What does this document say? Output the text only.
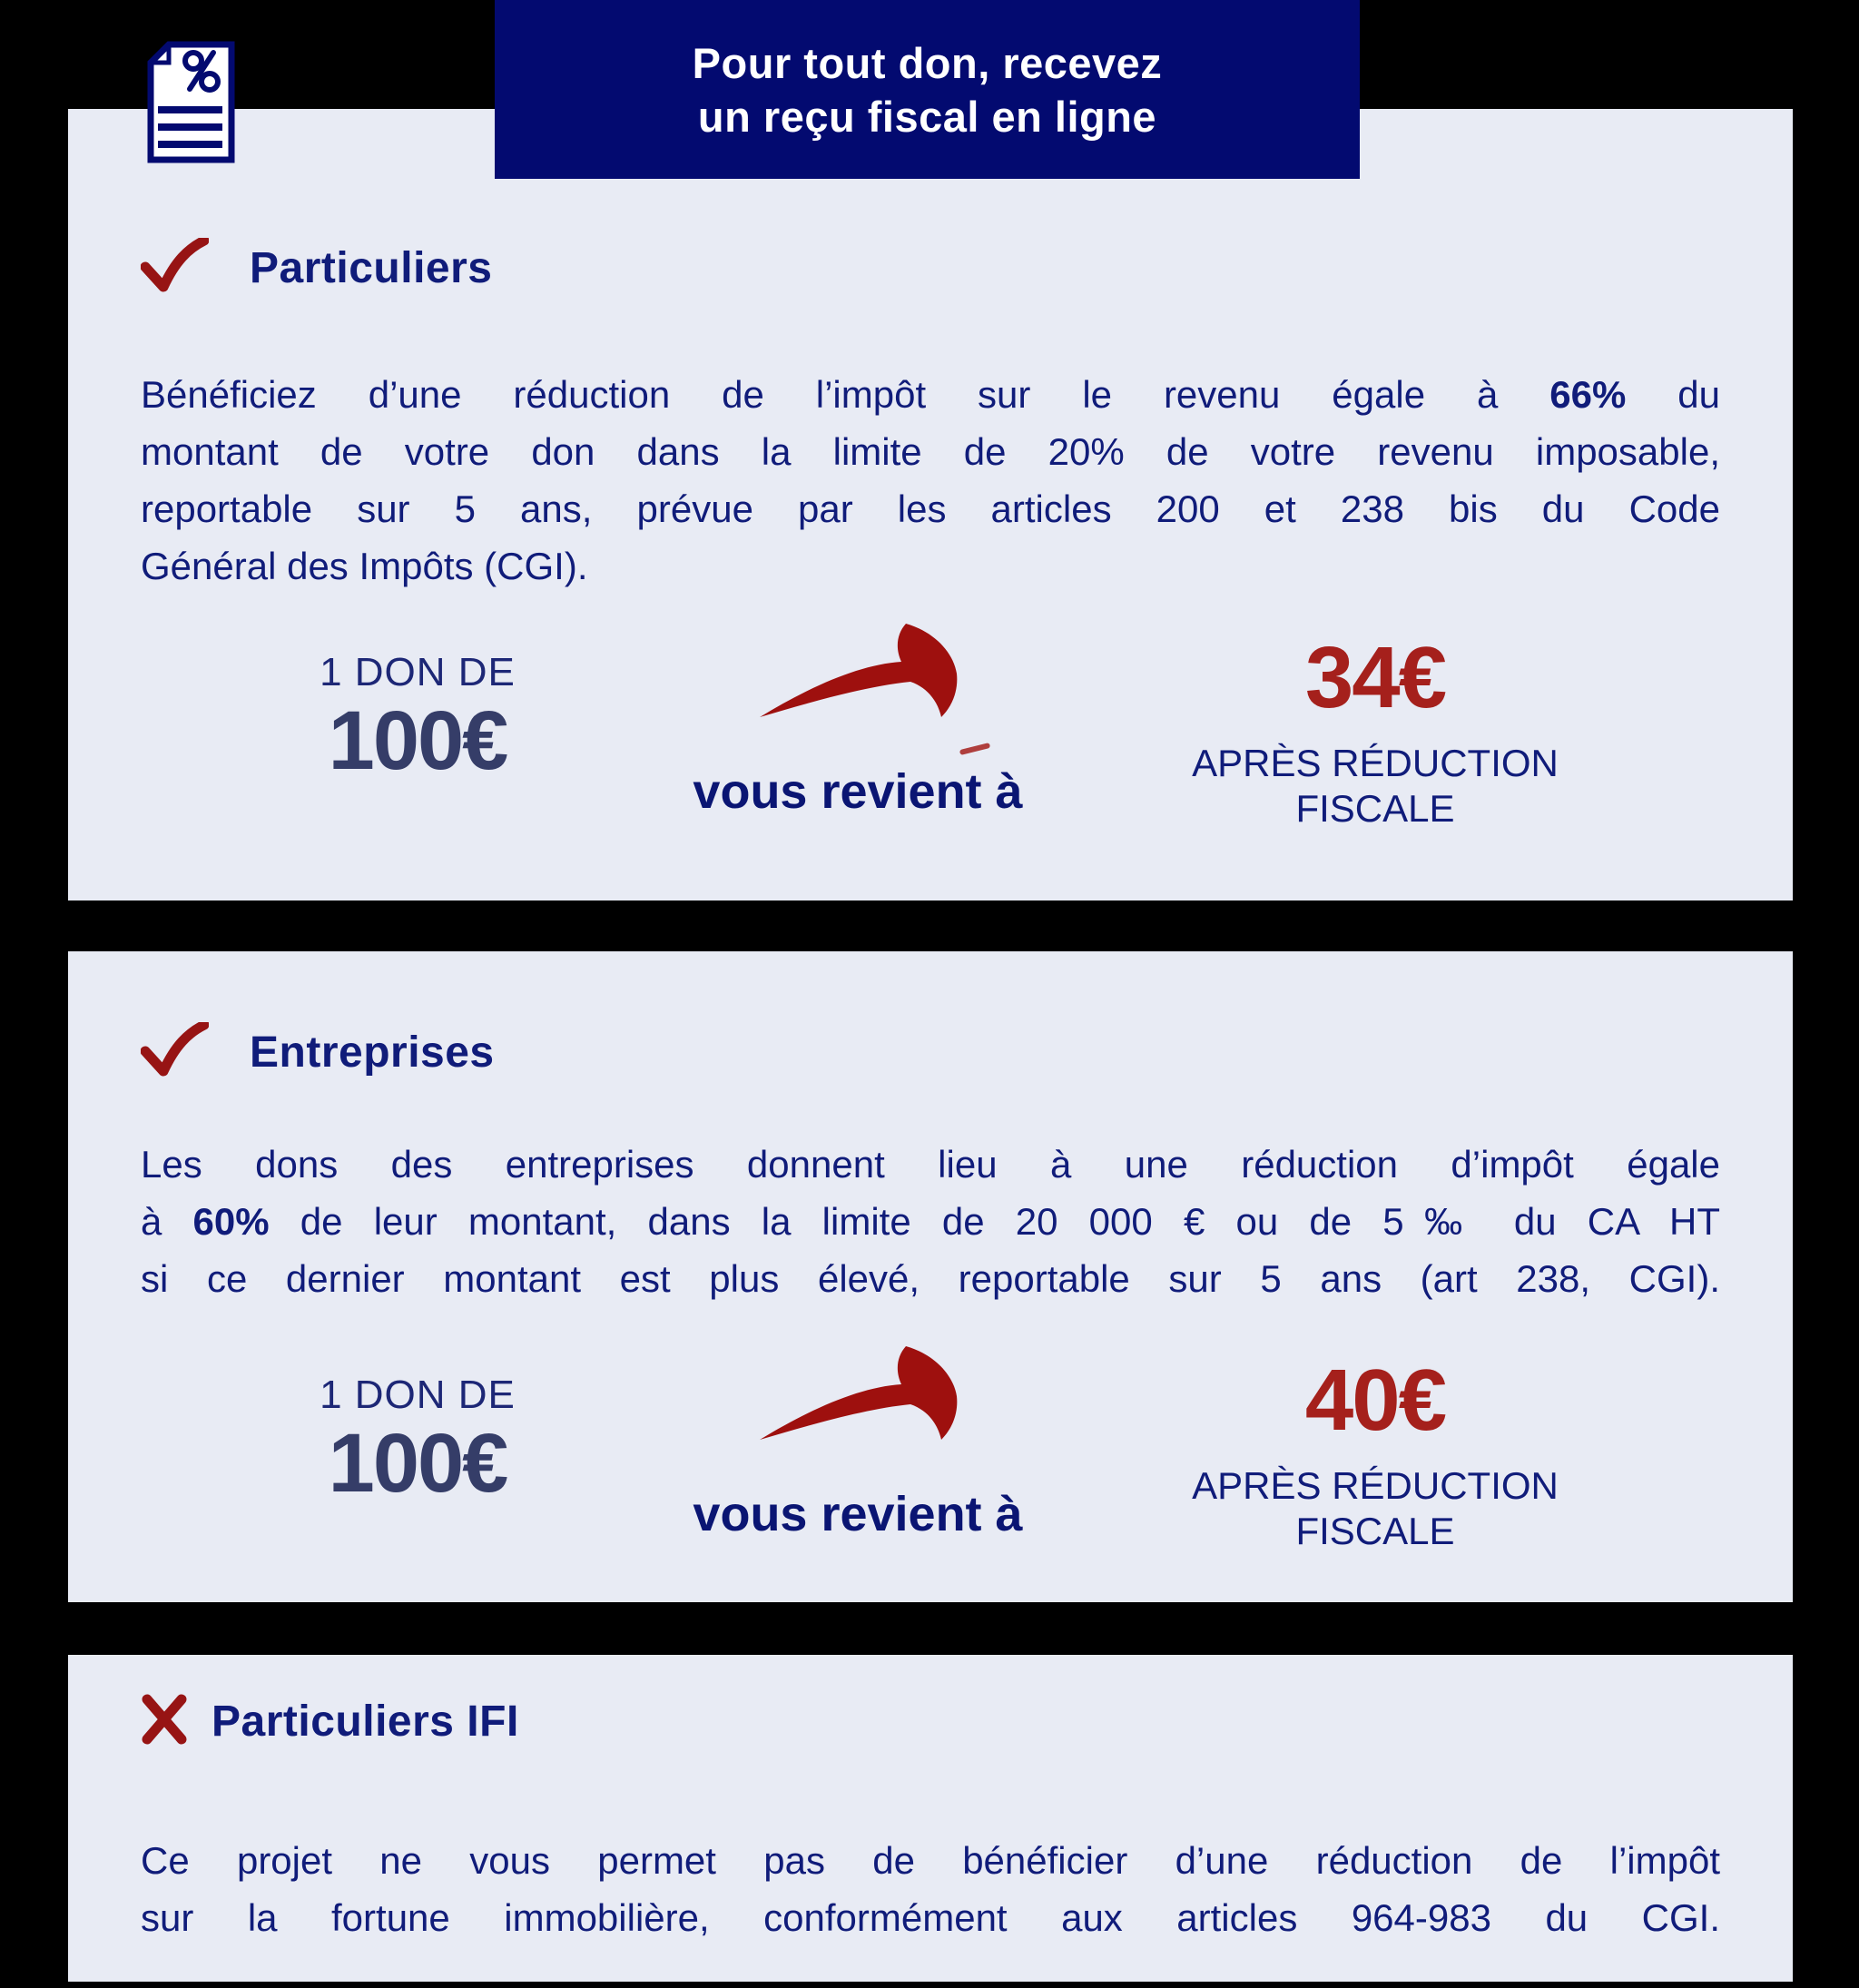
Pour tout don, recevez
un reçu fiscal en ligne
Particuliers
Bénéficiez d’une réduction de l’impôt sur le revenu égale à 66% du
montant de votre don dans la limite de 20% de votre revenu imposable,
reportable sur 5 ans, prévue par les articles 200 et 238 bis du Code
Général des Impôts (CGI).
1 DON DE
100€
vous revient à
34€
APRÈS RÉDUCTION
FISCALE
Entreprises
Les dons des entreprises donnent lieu à une réduction d’impôt égale
à 60% de leur montant, dans la limite de 20 000 € ou de 5‰ du CA HT
si ce dernier montant est plus élevé, reportable sur 5 ans (art 238, CGI).
1 DON DE
100€
vous revient à
40€
APRÈS RÉDUCTION
FISCALE
Particuliers IFI
Ce projet ne vous permet pas de bénéficier d’une réduction de l’impôt
sur la fortune immobilière, conformément aux articles 964-983 du CGI.
